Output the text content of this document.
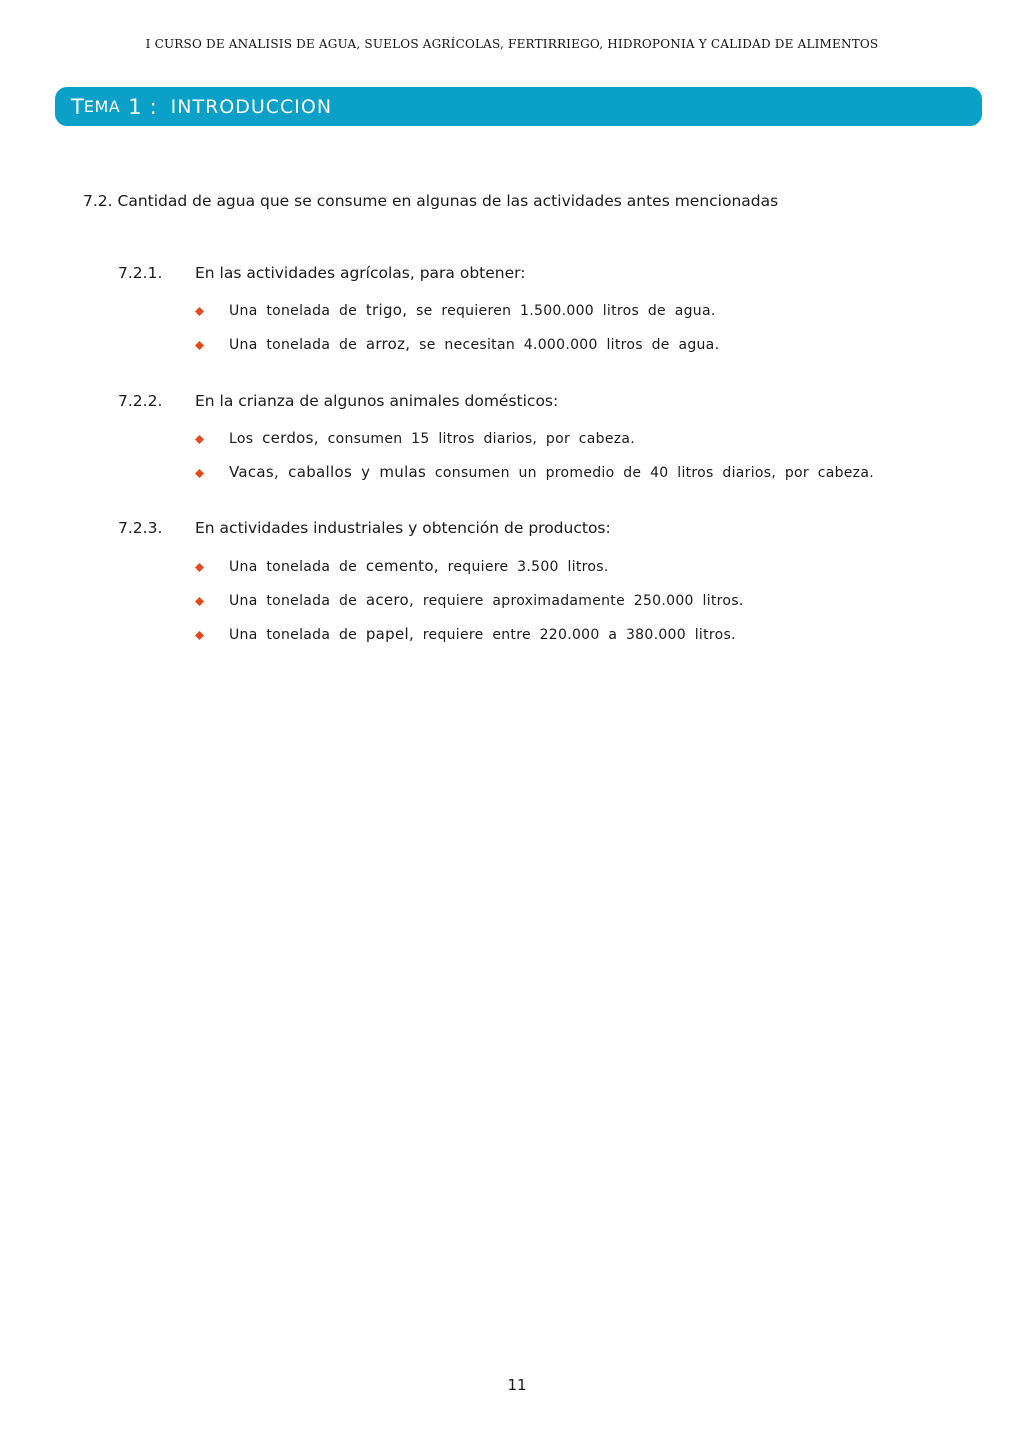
I CURSO DE ANALISIS DE AGUA, SUELOS AGRÍCOLAS, FERTIRRIEGO, HIDROPONIA Y CALIDAD DE ALIMENTOS
T EMA 1 : INTRODUCCION
7.2. Cantidad de agua que se consume en algunas de las actividades antes mencionadas
7.2.1. En las actividades agrícolas, para obtener:
Una tonelada de trigo, se requieren 1.500.000 litros de agua.
Una tonelada de arroz, se necesitan 4.000.000 litros de agua.
7.2.2. En la crianza de algunos animales domésticos:
Los cerdos, consumen 15 litros diarios, por cabeza.
Vacas, caballos y mulas consumen un promedio de 40 litros diarios, por cabeza.
7.2.3. En actividades industriales y obtención de productos:
Una tonelada de cemento, requiere 3.500 litros.
Una tonelada de acero, requiere aproximadamente 250.000 litros.
Una tonelada de papel, requiere entre 220.000 a 380.000 litros.
11
